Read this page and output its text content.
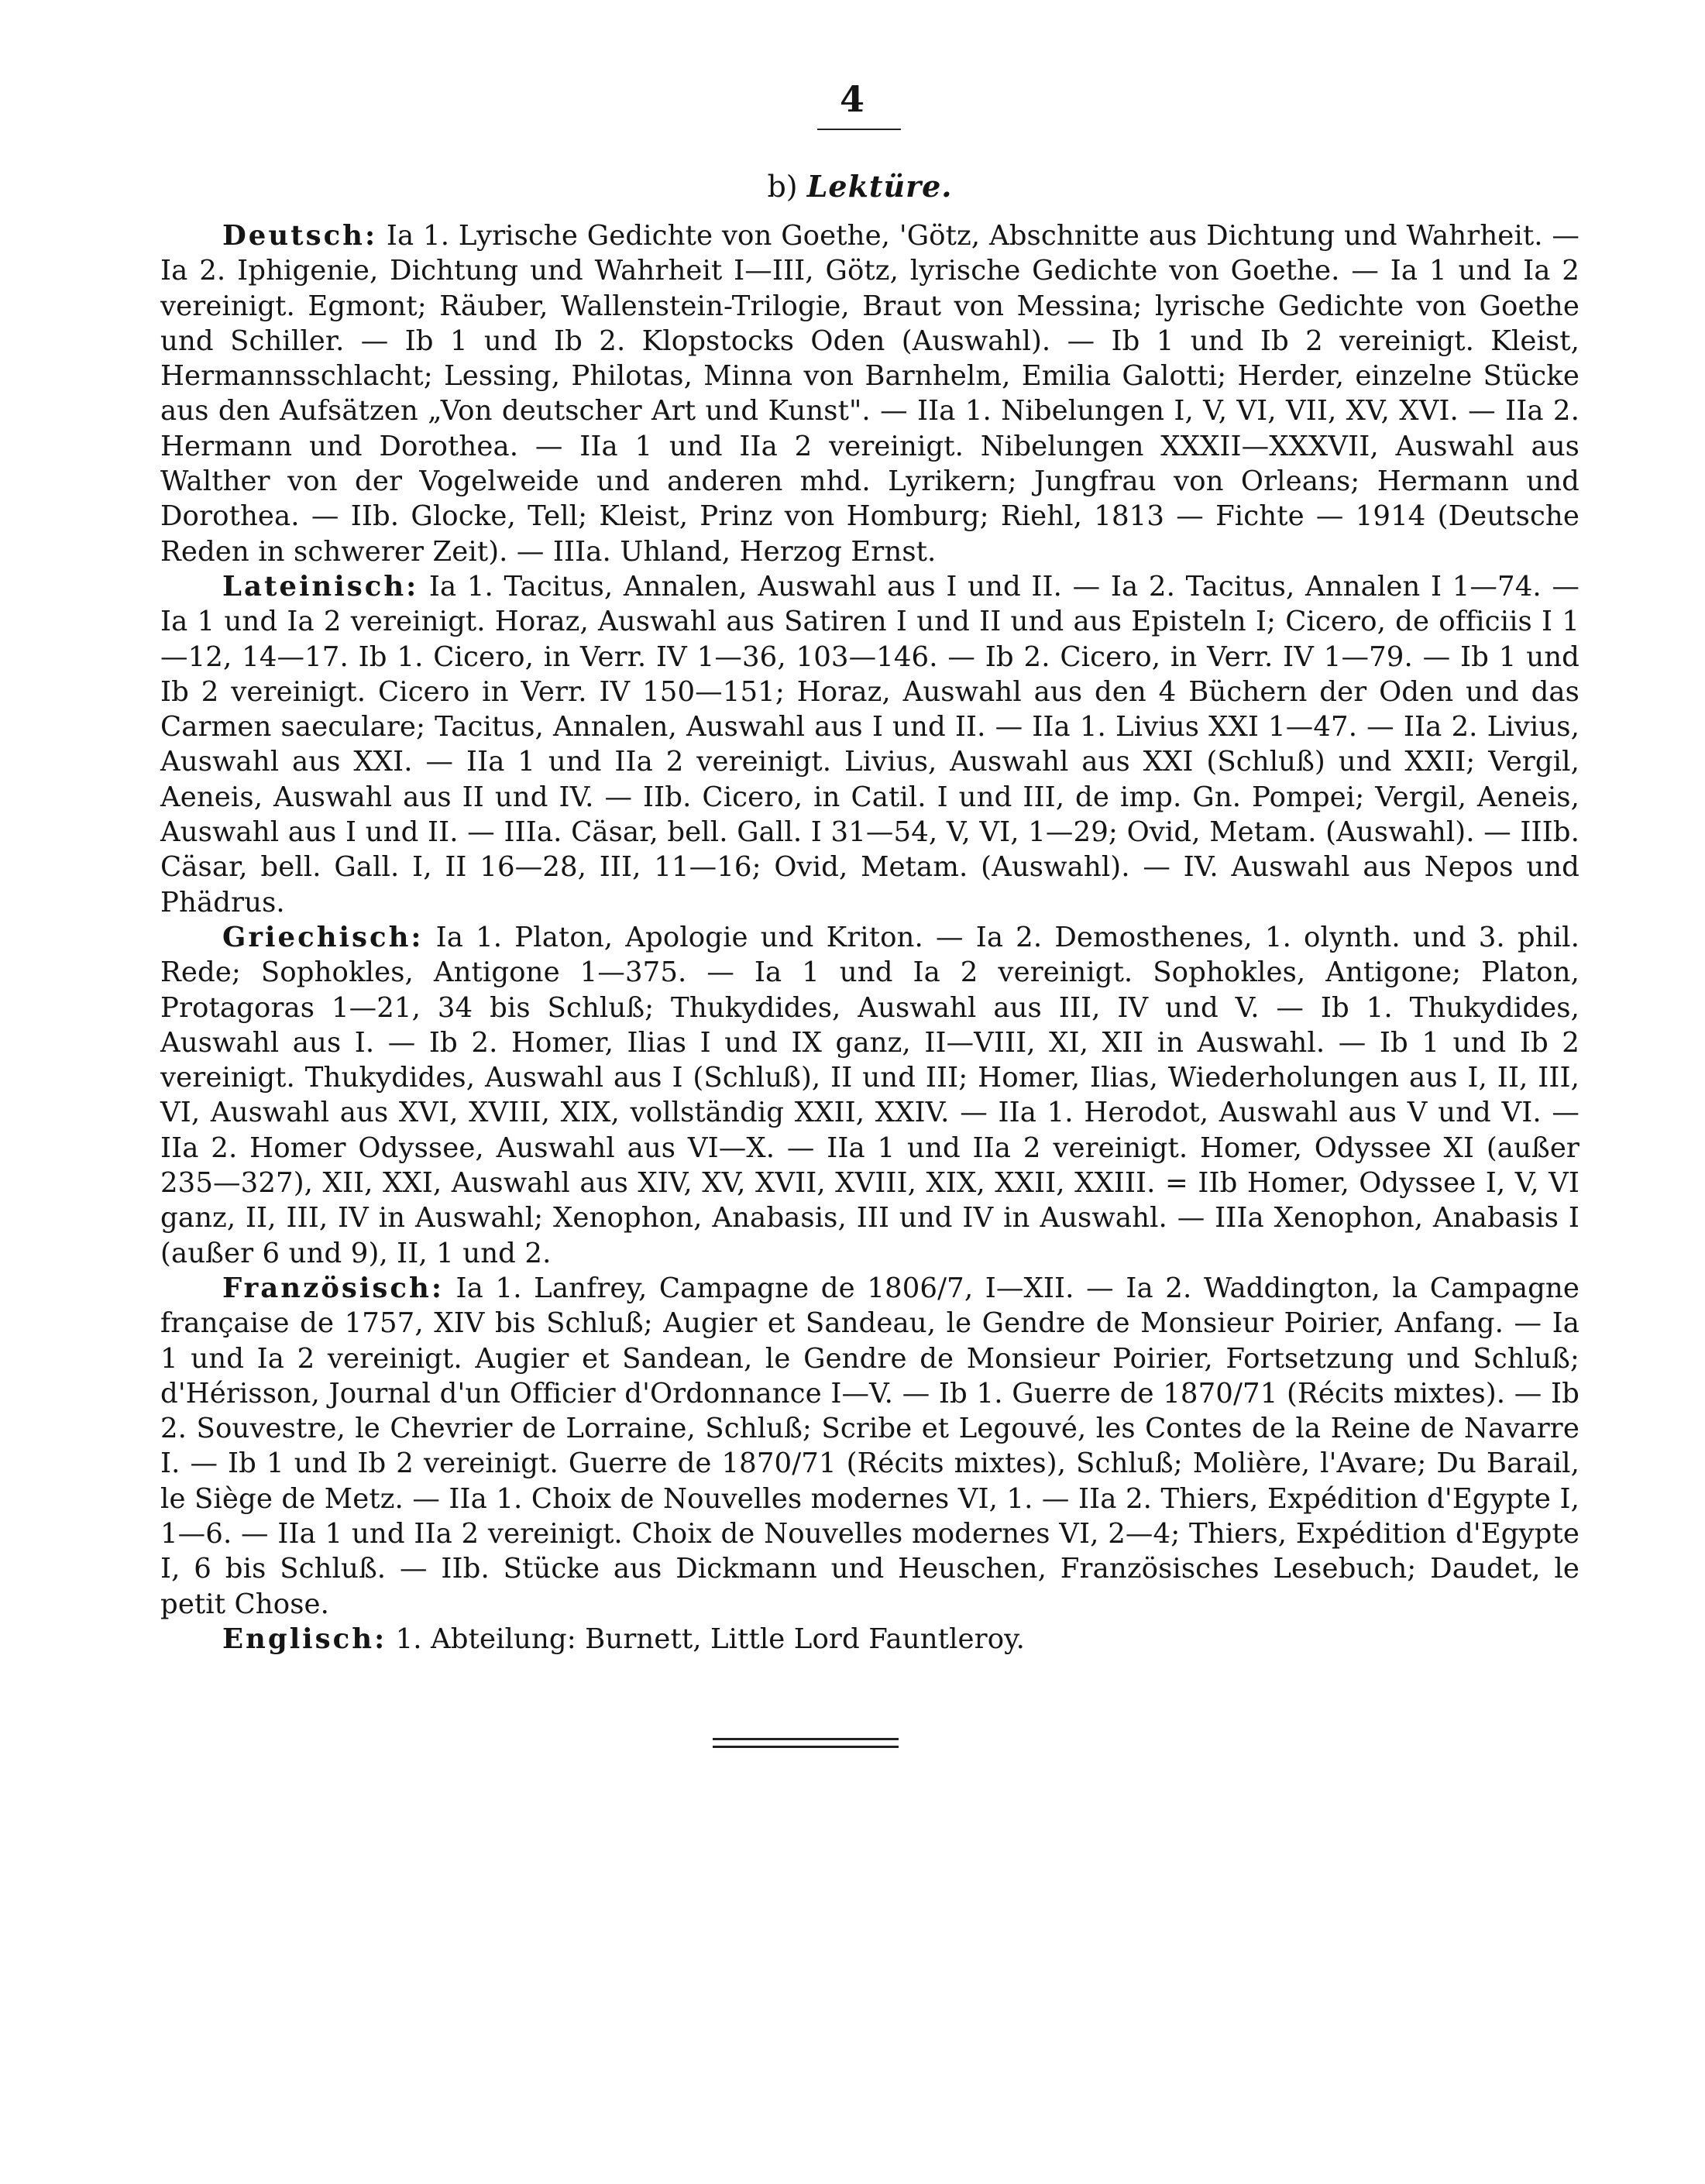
4
b) Lektüre.

Deutsch: Ia 1. Lyrische Gedichte von Goethe, 'Götz, Abschnitte aus Dichtung und Wahrheit. — Ia 2. Iphigenie, Dichtung und Wahrheit I—III, Götz, lyrische Gedichte von Goethe. — Ia 1 und Ia 2 vereinigt. Egmont; Räuber, Wallenstein-Trilogie, Braut von Messina; lyrische Gedichte von Goethe und Schiller. — Ib 1 und Ib 2. Klopstocks Oden (Auswahl). — Ib 1 und Ib 2 vereinigt. Kleist, Hermannsschlacht; Lessing, Philotas, Minna von Barnhelm, Emilia Galotti; Herder, einzelne Stücke aus den Aufsätzen „Von deutscher Art und Kunst". — IIa 1. Nibelungen I, V, VI, VII, XV, XVI. — IIa 2. Hermann und Dorothea. — IIa 1 und IIa 2 vereinigt. Nibelungen XXXII—XXXVII, Auswahl aus Walther von der Vogelweide und anderen mhd. Lyrikern; Jungfrau von Orleans; Hermann und Dorothea. — IIb. Glocke, Tell; Kleist, Prinz von Homburg; Riehl, 1813 — Fichte — 1914 (Deutsche Reden in schwerer Zeit). — IIIa. Uhland, Herzog Ernst.

Lateinisch: Ia 1. Tacitus, Annalen, Auswahl aus I und II. — Ia 2. Tacitus, Annalen I 1—74. — Ia 1 und Ia 2 vereinigt. Horaz, Auswahl aus Satiren I und II und aus Episteln I; Cicero, de officiis I 1—12, 14—17. Ib 1. Cicero, in Verr. IV 1—36, 103—146. — Ib 2. Cicero, in Verr. IV 1—79. — Ib 1 und Ib 2 vereinigt. Cicero in Verr. IV 150—151; Horaz, Auswahl aus den 4 Büchern der Oden und das Carmen saeculare; Tacitus, Annalen, Auswahl aus I und II. — IIa 1. Livius XXI 1—47. — IIa 2. Livius, Auswahl aus XXI. — IIa 1 und IIa 2 vereinigt. Livius, Auswahl aus XXI (Schluß) und XXII; Vergil, Aeneis, Auswahl aus II und IV. — IIb. Cicero, in Catil. I und III, de imp. Gn. Pompei; Vergil, Aeneis, Auswahl aus I und II. — IIIa. Cäsar, bell. Gall. I 31—54, V, VI, 1—29; Ovid, Metam. (Auswahl). — IIIb. Cäsar, bell. Gall. I, II 16—28, III, 11—16; Ovid, Metam. (Auswahl). — IV. Auswahl aus Nepos und Phädrus.

Griechisch: Ia 1. Platon, Apologie und Kriton. — Ia 2. Demosthenes, 1. olynth. und 3. phil. Rede; Sophokles, Antigone 1—375. — Ia 1 und Ia 2 vereinigt. Sophokles, Antigone; Platon, Protagoras 1—21, 34 bis Schluß; Thukydides, Auswahl aus III, IV und V. — Ib 1. Thukydides, Auswahl aus I. — Ib 2. Homer, Ilias I und IX ganz, II—VIII, XI, XII in Auswahl. — Ib 1 und Ib 2 vereinigt. Thukydides, Auswahl aus I (Schluß), II und III; Homer, Ilias, Wiederholungen aus I, II, III, VI, Auswahl aus XVI, XVIII, XIX, vollständig XXII, XXIV. — IIa 1. Herodot, Auswahl aus V und VI. — IIa 2. Homer Odyssee, Auswahl aus VI—X. — IIa 1 und IIa 2 vereinigt. Homer, Odyssee XI (außer 235—327), XII, XXI, Auswahl aus XIV, XV, XVII, XVIII, XIX, XXII, XXIII. = IIb Homer, Odyssee I, V, VI ganz, II, III, IV in Auswahl; Xenophon, Anabasis, III und IV in Auswahl. — IIIa Xenophon, Anabasis I (außer 6 und 9), II, 1 und 2.

Französisch: Ia 1. Lanfrey, Campagne de 1806/7, I—XII. — Ia 2. Waddington, la Campagne française de 1757, XIV bis Schluß; Augier et Sandeau, le Gendre de Monsieur Poirier, Anfang. — Ia 1 und Ia 2 vereinigt. Augier et Sandean, le Gendre de Monsieur Poirier, Fortsetzung und Schluß; d'Hérisson, Journal d'un Officier d'Ordonnance I—V. — Ib 1. Guerre de 1870/71 (Récits mixtes). — Ib 2. Souvestre, le Chevrier de Lorraine, Schluß; Scribe et Legouvé, les Contes de la Reine de Navarre I. — Ib 1 und Ib 2 vereinigt. Guerre de 1870/71 (Récits mixtes), Schluß; Molière, l'Avare; Du Barail, le Siège de Metz. — IIa 1. Choix de Nouvelles modernes VI, 1. — IIa 2. Thiers, Expédition d'Egypte I, 1—6. — IIa 1 und IIa 2 vereinigt. Choix de Nouvelles modernes VI, 2—4; Thiers, Expédition d'Egypte I, 6 bis Schluß. — IIb. Stücke aus Dickmann und Heuschen, Französisches Lesebuch; Daudet, le petit Chose.

Englisch: 1. Abteilung: Burnett, Little Lord Fauntleroy.
